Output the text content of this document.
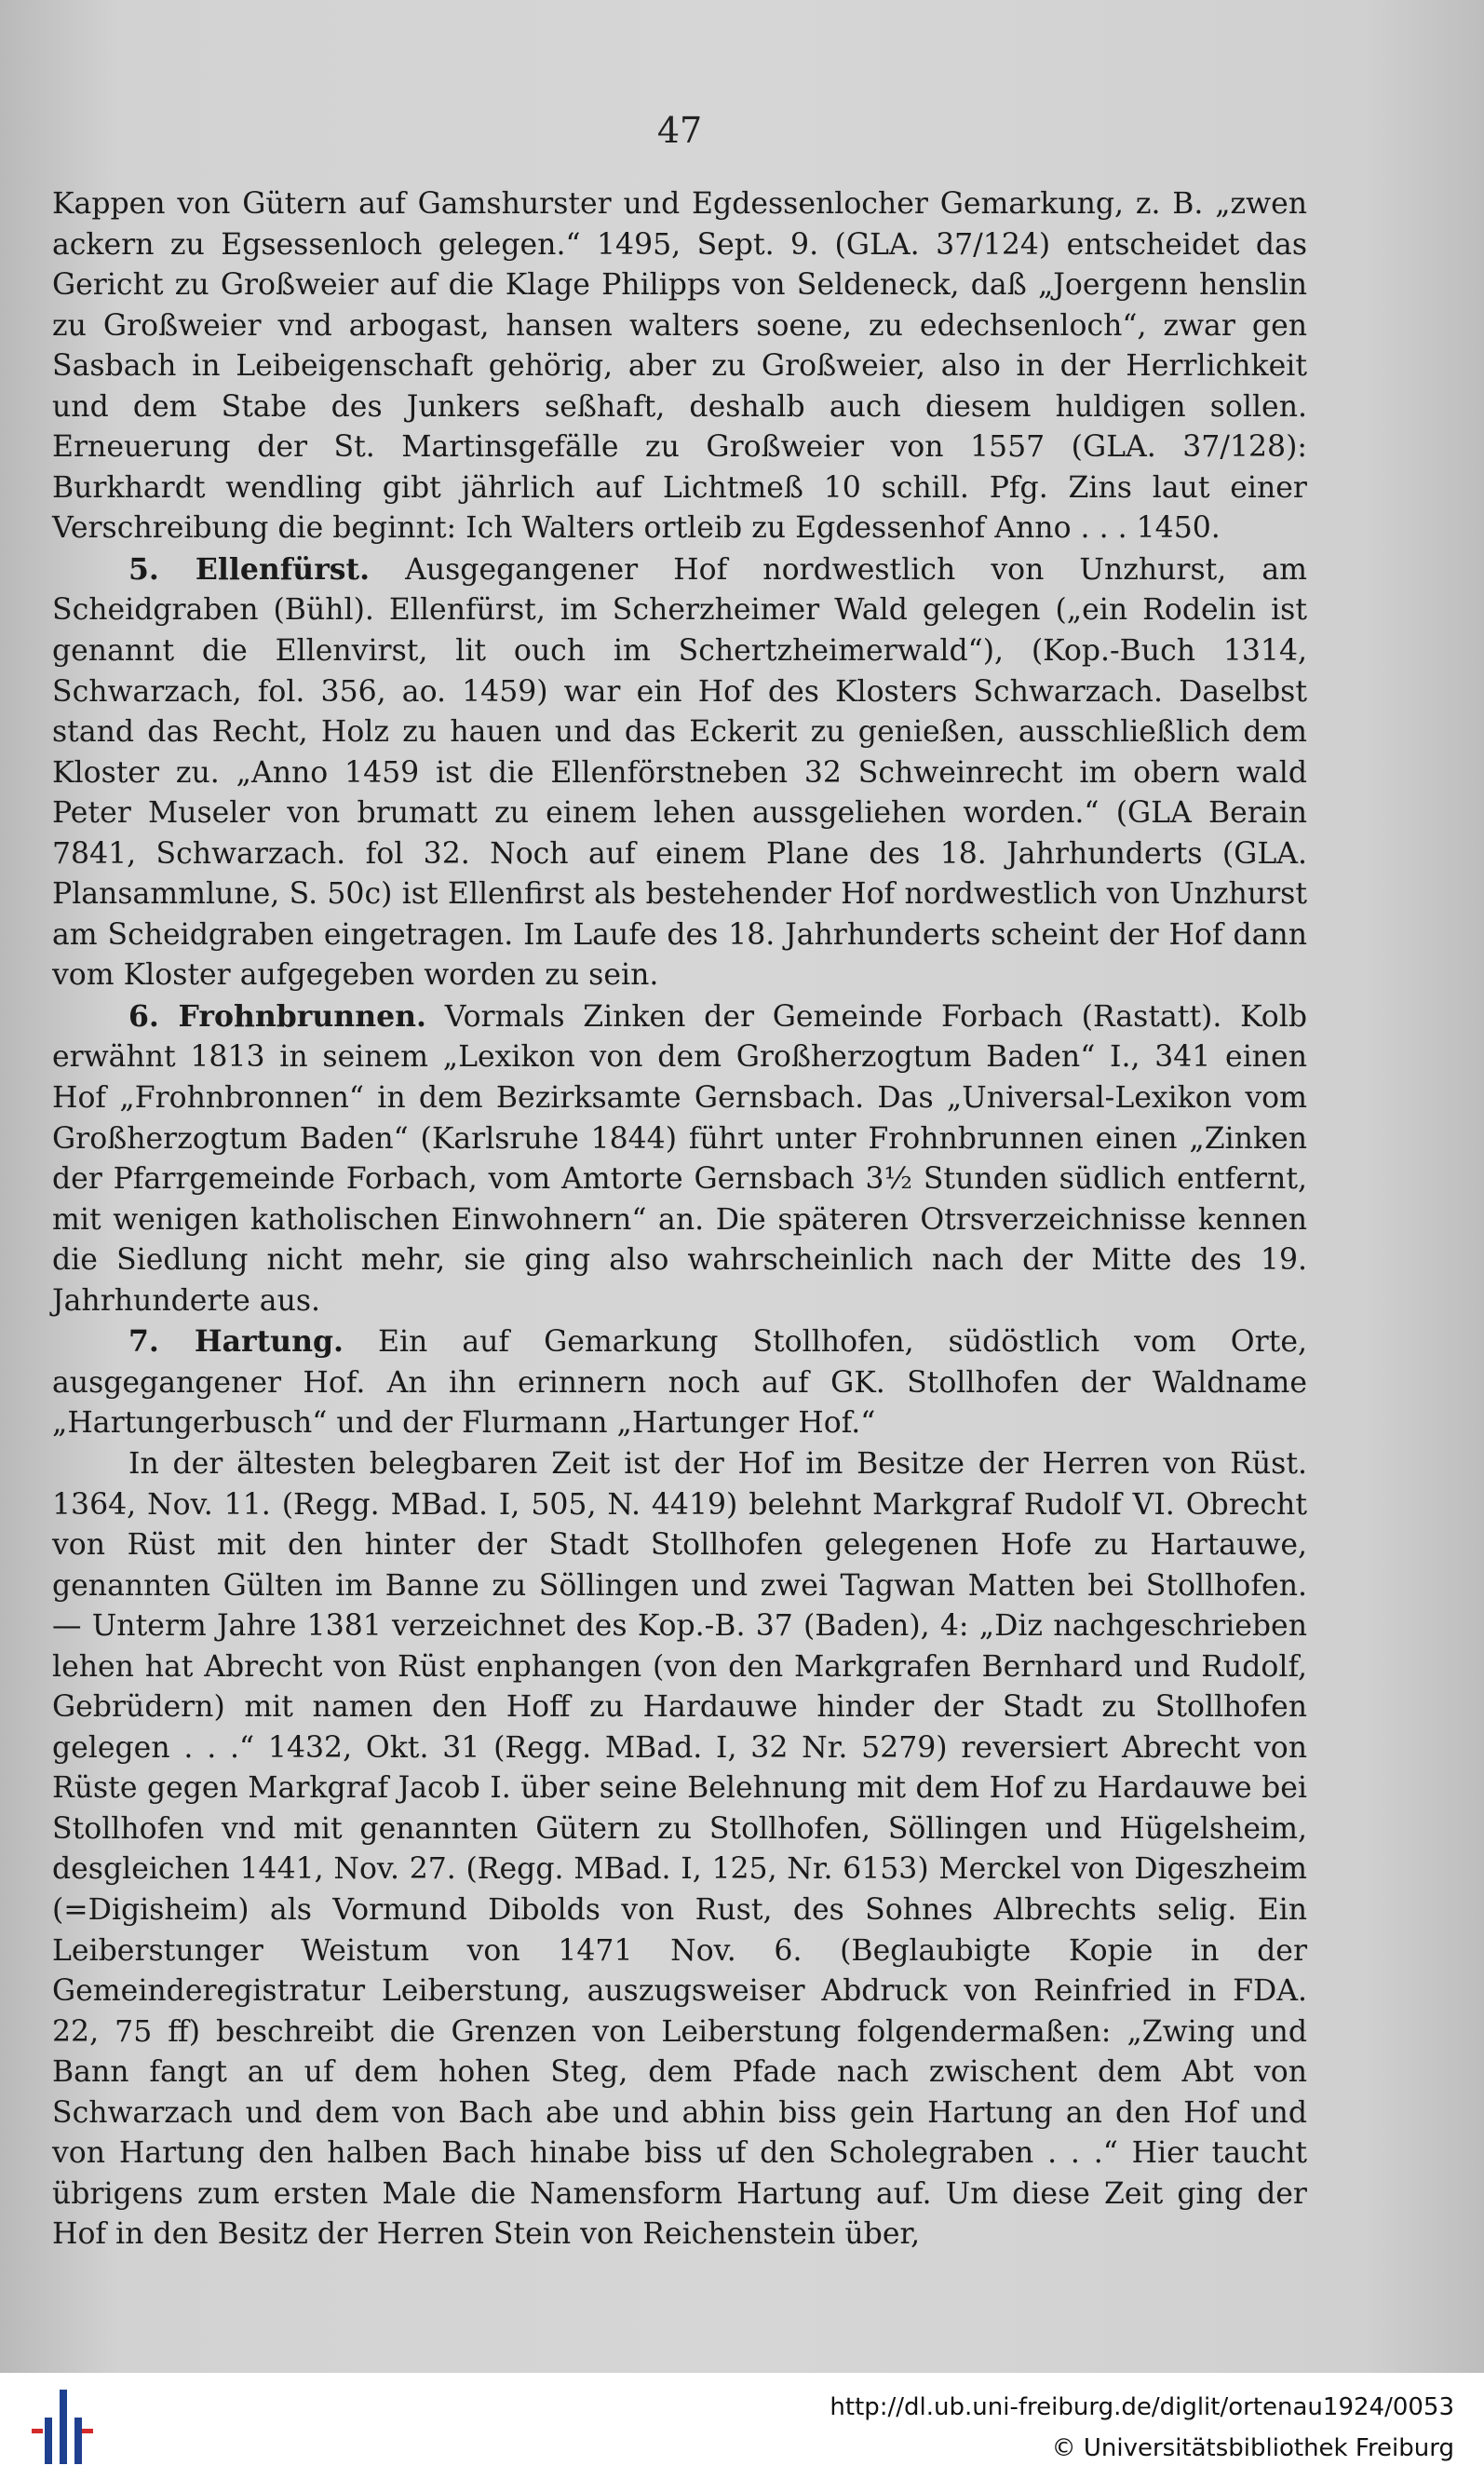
47

Kappen von Gütern auf Gamshurster und Egdessenlocher Gemarkung, z. B. „zwen ackern zu Egsessenloch gelegen.“ 1495, Sept. 9. (GLA. 37/124) entscheidet das Gericht zu Großweier auf die Klage Philipps von Seldeneck, daß „Joergenn henslin zu Großweier vnd arbogast, hansen walters soene, zu edechsenloch“, zwar gen Sasbach in Leibeigenschaft gehörig, aber zu Großweier, also in der Herrlichkeit und dem Stabe des Junkers seßhaft, deshalb auch diesem huldigen sollen. Erneuerung der St. Martinsgefälle zu Großweier von 1557 (GLA. 37/128): Burkhardt wendling gibt jährlich auf Lichtmeß 10 schill. Pfg. Zins laut einer Verschreibung die beginnt: Ich Walters ortleib zu Egdessenhof Anno . . . 1450.

5. Ellenfürst. Ausgegangener Hof nordwestlich von Unzhurst, am Scheidgraben (Bühl). Ellenfürst, im Scherzheimer Wald gelegen („ein Rodelin ist genannt die Ellenvirst, lit ouch im Schertzheimerwald“), (Kop.-Buch 1314, Schwarzach, fol. 356, ao. 1459) war ein Hof des Klosters Schwarzach. Daselbst stand das Recht, Holz zu hauen und das Eckerit zu genießen, ausschließlich dem Kloster zu. „Anno 1459 ist die Ellenförstneben 32 Schweinrecht im obern wald Peter Museler von brumatt zu einem lehen aussgeliehen worden.“ (GLA Berain 7841, Schwarzach. fol 32. Noch auf einem Plane des 18. Jahrhunderts (GLA. Plansammlune, S. 50c) ist Ellenfirst als bestehender Hof nordwestlich von Unzhurst am Scheidgraben eingetragen. Im Laufe des 18. Jahrhunderts scheint der Hof dann vom Kloster aufgegeben worden zu sein.

6. Frohnbrunnen. Vormals Zinken der Gemeinde Forbach (Rastatt). Kolb erwähnt 1813 in seinem „Lexikon von dem Großherzogtum Baden“ I., 341 einen Hof „Frohnbronnen“ in dem Bezirksamte Gernsbach. Das „Universal-Lexikon vom Großherzogtum Baden“ (Karlsruhe 1844) führt unter Frohnbrunnen einen „Zinken der Pfarrgemeinde Forbach, vom Amtorte Gernsbach 3½ Stunden südlich entfernt, mit wenigen katholischen Einwohnern“ an. Die späteren Otrsverzeichnisse kennen die Siedlung nicht mehr, sie ging also wahrscheinlich nach der Mitte des 19. Jahrhunderte aus.

7. Hartung. Ein auf Gemarkung Stollhofen, südöstlich vom Orte, ausgegangener Hof. An ihn erinnern noch auf GK. Stollhofen der Waldname „Hartungerbusch“ und der Flurmann „Hartunger Hof.“

In der ältesten belegbaren Zeit ist der Hof im Besitze der Herren von Rüst. 1364, Nov. 11. (Regg. MBad. I, 505, N. 4419) belehnt Markgraf Rudolf VI. Obrecht von Rüst mit den hinter der Stadt Stollhofen gelegenen Hofe zu Hartauwe, genannten Gülten im Banne zu Söllingen und zwei Tagwan Matten bei Stollhofen. — Unterm Jahre 1381 verzeichnet des Kop.-B. 37 (Baden), 4: „Diz nachgeschrieben lehen hat Abrecht von Rüst enphangen (von den Markgrafen Bernhard und Rudolf, Gebrüdern) mit namen den Hoff zu Hardauwe hinder der Stadt zu Stollhofen gelegen . . .“ 1432, Okt. 31 (Regg. MBad. I, 32 Nr. 5279) reversiert Abrecht von Rüste gegen Markgraf Jacob I. über seine Belehnung mit dem Hof zu Hardauwe bei Stollhofen vnd mit genannten Gütern zu Stollhofen, Söllingen und Hügelsheim, desgleichen 1441, Nov. 27. (Regg. MBad. I, 125, Nr. 6153) Merckel von Digeszheim (=Digisheim) als Vormund Dibolds von Rust, des Sohnes Albrechts selig. Ein Leiberstunger Weistum von 1471 Nov. 6. (Beglaubigte Kopie in der Gemeinderegistratur Leiberstung, auszugsweiser Abdruck von Reinfried in FDA. 22, 75 ff) beschreibt die Grenzen von Leiberstung folgendermaßen: „Zwing und Bann fangt an uf dem hohen Steg, dem Pfade nach zwischent dem Abt von Schwarzach und dem von Bach abe und abhin biss gein Hartung an den Hof und von Hartung den halben Bach hinabe biss uf den Scholegraben . . .“ Hier taucht übrigens zum ersten Male die Namensform Hartung auf. Um diese Zeit ging der Hof in den Besitz der Herren Stein von Reichenstein über,

http://dl.ub.uni-freiburg.de/diglit/ortenau1924/0053
© Universitätsbibliothek Freiburg
